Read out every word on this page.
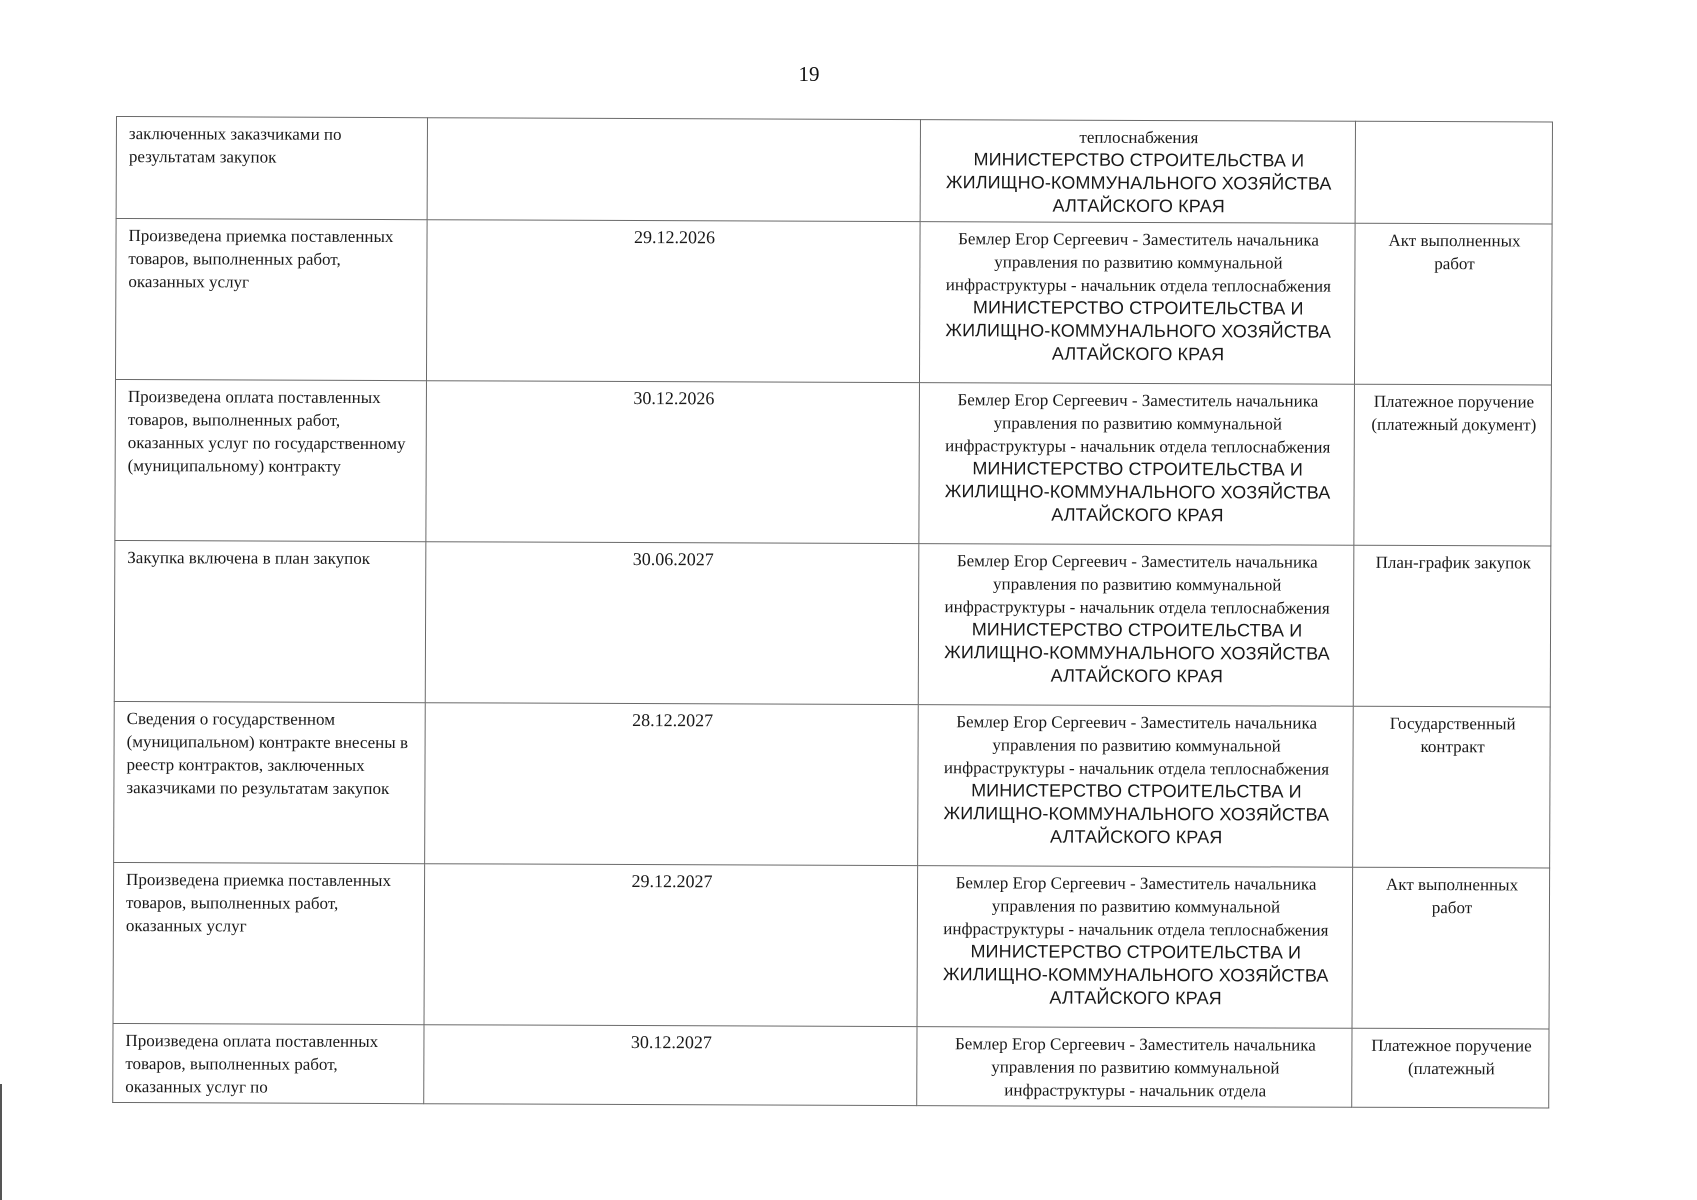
19
заключенных заказчиками по результатам закупок		теплоснабжения
МИНИСТЕРСТВО СТРОИТЕЛЬСТВА И ЖИЛИЩНО-КОММУНАЛЬНОГО ХОЗЯЙСТВА АЛТАЙСКОГО КРАЯ	

Произведена приемка поставленных товаров, выполненных работ, оказанных услуг	29.12.2026	Бемлер Егор Сергеевич - Заместитель начальника управления по развитию коммунальной инфраструктуры - начальник отдела теплоснабжения
МИНИСТЕРСТВО СТРОИТЕЛЬСТВА И ЖИЛИЩНО-КОММУНАЛЬНОГО ХОЗЯЙСТВА АЛТАЙСКОГО КРАЯ	Акт выполненных работ
Произведена оплата поставленных товаров, выполненных работ, оказанных услуг по государственному (муниципальному) контракту	30.12.2026	Бемлер Егор Сергеевич - Заместитель начальника управления по развитию коммунальной инфраструктуры - начальник отдела теплоснабжения
МИНИСТЕРСТВО СТРОИТЕЛЬСТВА И ЖИЛИЩНО-КОММУНАЛЬНОГО ХОЗЯЙСТВА АЛТАЙСКОГО КРАЯ	Платежное поручение (платежный документ)
Закупка включена в план закупок	30.06.2027	Бемлер Егор Сергеевич - Заместитель начальника управления по развитию коммунальной инфраструктуры - начальник отдела теплоснабжения
МИНИСТЕРСТВО СТРОИТЕЛЬСТВА И ЖИЛИЩНО-КОММУНАЛЬНОГО ХОЗЯЙСТВА АЛТАЙСКОГО КРАЯ	План-график закупок
Сведения о государственном (муниципальном) контракте внесены в реестр контрактов, заключенных заказчиками по результатам закупок	28.12.2027	Бемлер Егор Сергеевич - Заместитель начальника управления по развитию коммунальной инфраструктуры - начальник отдела теплоснабжения
МИНИСТЕРСТВО СТРОИТЕЛЬСТВА И ЖИЛИЩНО-КОММУНАЛЬНОГО ХОЗЯЙСТВА АЛТАЙСКОГО КРАЯ	Государственный контракт
Произведена приемка поставленных товаров, выполненных работ, оказанных услуг	29.12.2027	Бемлер Егор Сергеевич - Заместитель начальника управления по развитию коммунальной инфраструктуры - начальник отдела теплоснабжения
МИНИСТЕРСТВО СТРОИТЕЛЬСТВА И ЖИЛИЩНО-КОММУНАЛЬНОГО ХОЗЯЙСТВА АЛТАЙСКОГО КРАЯ	Акт выполненных работ
Произведена оплата поставленных товаров, выполненных работ, оказанных услуг по	30.12.2027	Бемлер Егор Сергеевич - Заместитель начальника управления по развитию коммунальной инфраструктуры - начальник отдела	Платежное поручение (платежный
